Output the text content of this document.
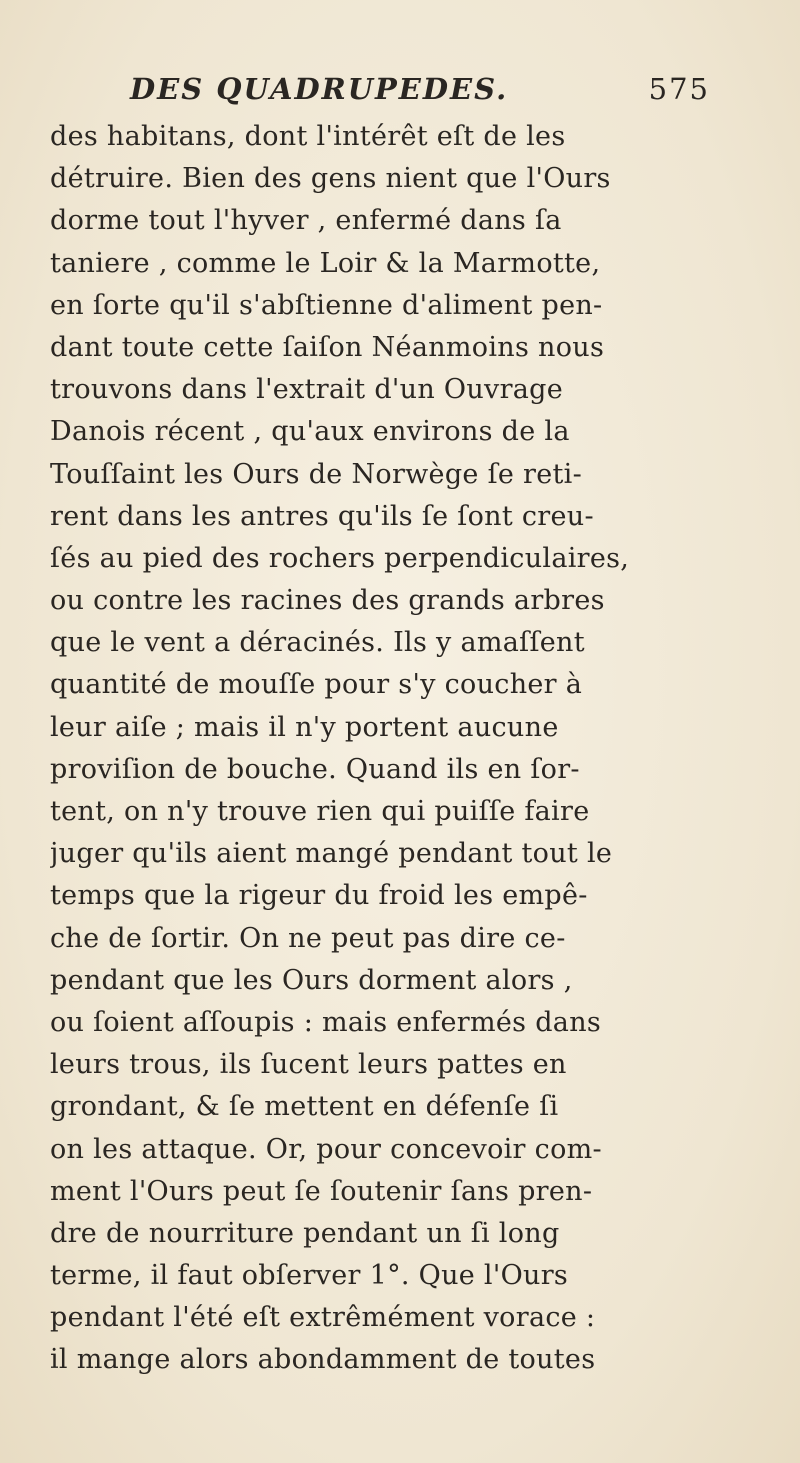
DES QUADRUPEDES.	575
des habitans, dont l'intérêt eſt de les
détruire. Bien des gens nient que l'Ours
dorme tout l'hyver , enfermé dans ſa
taniere , comme le Loir & la Marmotte,
en ſorte qu'il s'abſtienne d'aliment pen-
dant toute cette ſaiſon Néanmoins nous
trouvons dans l'extrait d'un Ouvrage
Danois récent , qu'aux environs de la
Touſſaint les Ours de Norwège ſe reti-
rent dans les antres qu'ils ſe ſont creu-
ſés au pied des rochers perpendiculaires,
ou contre les racines des grands arbres
que le vent a déracinés. Ils y amaſſent
quantité de mouſſe pour s'y coucher à
leur aiſe ; mais il n'y portent aucune
proviſion de bouche. Quand ils en ſor-
tent, on n'y trouve rien qui puiſſe faire
juger qu'ils aient mangé pendant tout le
temps que la rigeur du froid les empê-
che de ſortir. On ne peut pas dire ce-
pendant que les Ours dorment alors ,
ou ſoient aſſoupis : mais enfermés dans
leurs trous, ils ſucent leurs pattes en
grondant, & ſe mettent en défenſe ſi
on les attaque. Or, pour concevoir com-
ment l'Ours peut ſe ſoutenir ſans pren-
dre de nourriture pendant un ſi long
terme, il faut obſerver 1°. Que l'Ours
pendant l'été eſt extrêmément vorace :
il mange alors abondamment de toutes
